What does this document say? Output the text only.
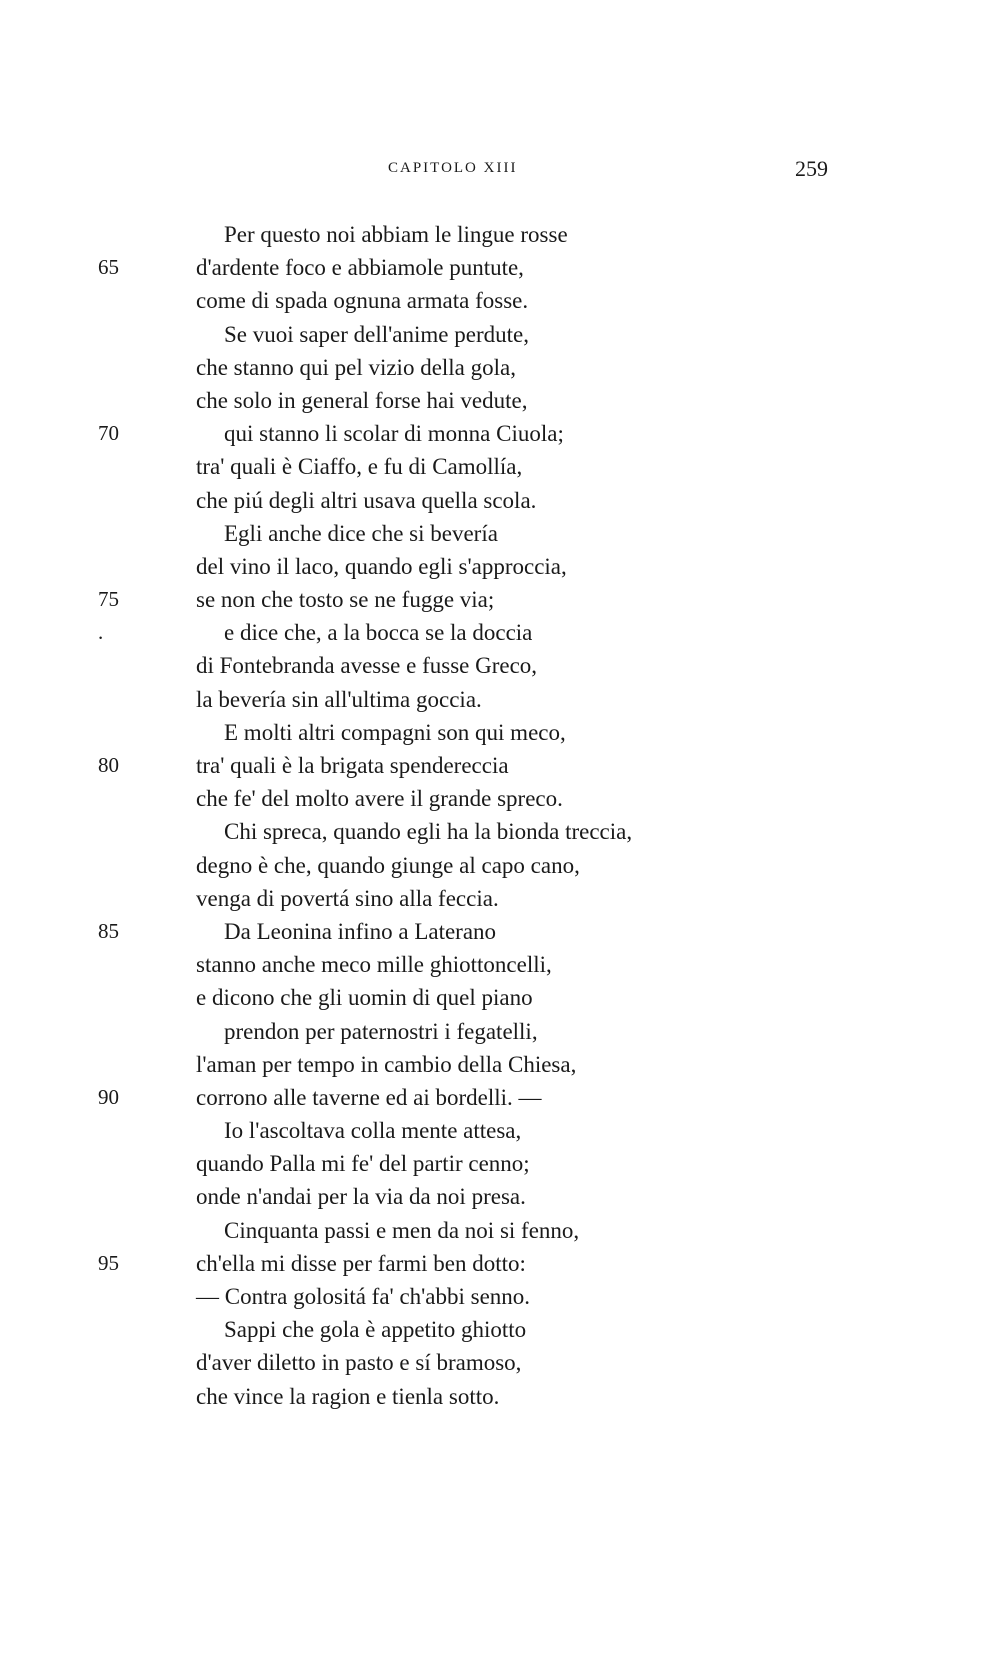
CAPITOLO XIII	259
Per questo noi abbiam le lingue rosse
65	d'ardente foco e abbiamole puntute,
come di spada ognuna armata fosse.
Se vuoi saper dell'anime perdute,
che stanno qui pel vizio della gola,
che solo in general forse hai vedute,
70	qui stanno li scolar di monna Ciuola;
tra' quali è Ciaffo, e fu di Camollía,
che piú degli altri usava quella scola.
Egli anche dice che si bevería
del vino il laco, quando egli s'approccia,
75	se non che tosto se ne fugge via;
.	e dice che, a la bocca se la doccia
di Fontebranda avesse e fusse Greco,
la bevería sin all'ultima goccia.
E molti altri compagni son qui meco,
80	tra' quali è la brigata spendereccia
che fe' del molto avere il grande spreco.
Chi spreca, quando egli ha la bionda treccia,
degno è che, quando giunge al capo cano,
venga di povertá sino alla feccia.
85	Da Leonina infino a Laterano
stanno anche meco mille ghiottoncelli,
e dicono che gli uomin di quel piano
prendon per paternostri i fegatelli,
l'aman per tempo in cambio della Chiesa,
90	corrono alle taverne ed ai bordelli. —
Io l'ascoltava colla mente attesa,
quando Palla mi fe' del partir cenno;
onde n'andai per la via da noi presa.
Cinquanta passi e men da noi si fenno,
95	ch'ella mi disse per farmi ben dotto:
— Contra golositá fa' ch'abbi senno.
Sappi che gola è appetito ghiotto
d'aver diletto in pasto e sí bramoso,
che vince la ragion e tienla sotto.
